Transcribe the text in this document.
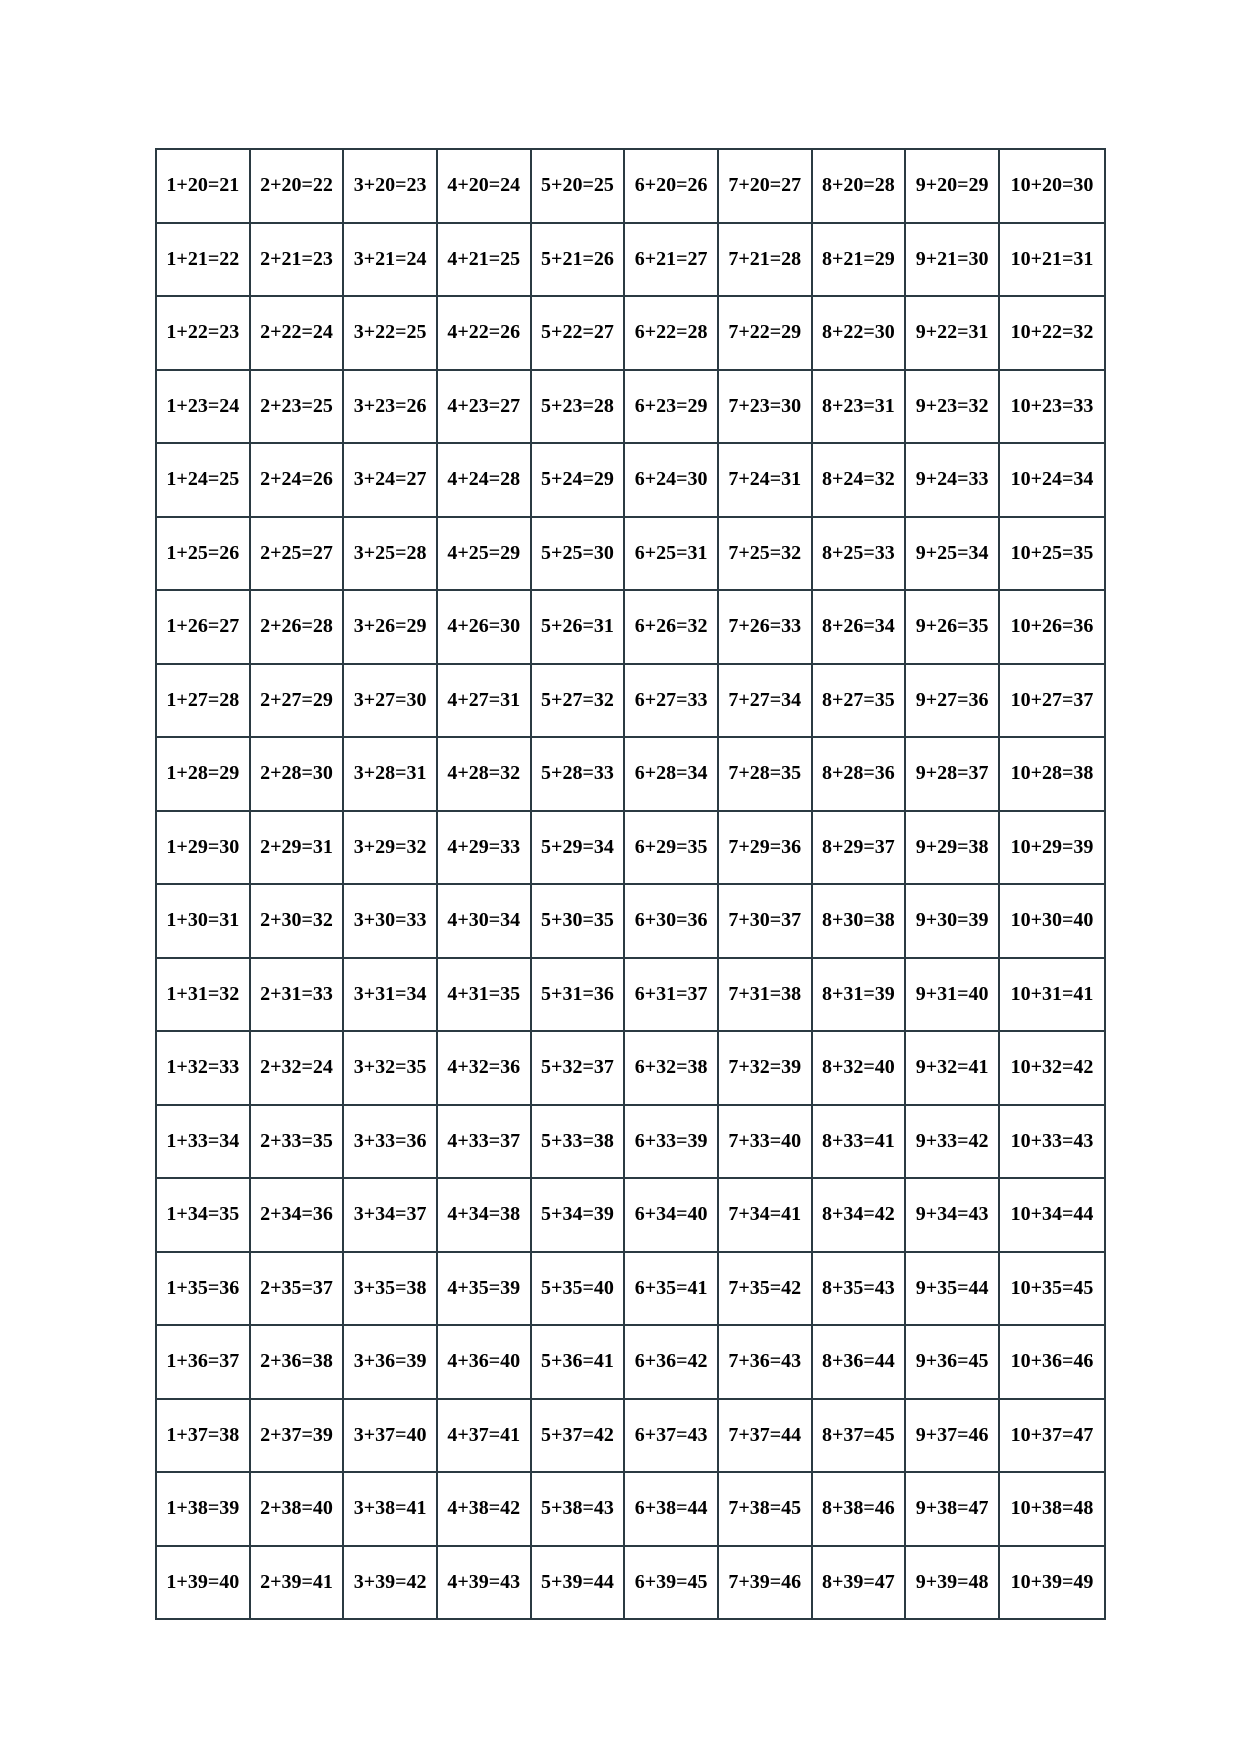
1+20=21	2+20=22	3+20=23	4+20=24	5+20=25	6+20=26	7+20=27	8+20=28	9+20=29	10+20=30
1+21=22	2+21=23	3+21=24	4+21=25	5+21=26	6+21=27	7+21=28	8+21=29	9+21=30	10+21=31
1+22=23	2+22=24	3+22=25	4+22=26	5+22=27	6+22=28	7+22=29	8+22=30	9+22=31	10+22=32
1+23=24	2+23=25	3+23=26	4+23=27	5+23=28	6+23=29	7+23=30	8+23=31	9+23=32	10+23=33
1+24=25	2+24=26	3+24=27	4+24=28	5+24=29	6+24=30	7+24=31	8+24=32	9+24=33	10+24=34
1+25=26	2+25=27	3+25=28	4+25=29	5+25=30	6+25=31	7+25=32	8+25=33	9+25=34	10+25=35
1+26=27	2+26=28	3+26=29	4+26=30	5+26=31	6+26=32	7+26=33	8+26=34	9+26=35	10+26=36
1+27=28	2+27=29	3+27=30	4+27=31	5+27=32	6+27=33	7+27=34	8+27=35	9+27=36	10+27=37
1+28=29	2+28=30	3+28=31	4+28=32	5+28=33	6+28=34	7+28=35	8+28=36	9+28=37	10+28=38
1+29=30	2+29=31	3+29=32	4+29=33	5+29=34	6+29=35	7+29=36	8+29=37	9+29=38	10+29=39
1+30=31	2+30=32	3+30=33	4+30=34	5+30=35	6+30=36	7+30=37	8+30=38	9+30=39	10+30=40
1+31=32	2+31=33	3+31=34	4+31=35	5+31=36	6+31=37	7+31=38	8+31=39	9+31=40	10+31=41
1+32=33	2+32=24	3+32=35	4+32=36	5+32=37	6+32=38	7+32=39	8+32=40	9+32=41	10+32=42
1+33=34	2+33=35	3+33=36	4+33=37	5+33=38	6+33=39	7+33=40	8+33=41	9+33=42	10+33=43
1+34=35	2+34=36	3+34=37	4+34=38	5+34=39	6+34=40	7+34=41	8+34=42	9+34=43	10+34=44
1+35=36	2+35=37	3+35=38	4+35=39	5+35=40	6+35=41	7+35=42	8+35=43	9+35=44	10+35=45
1+36=37	2+36=38	3+36=39	4+36=40	5+36=41	6+36=42	7+36=43	8+36=44	9+36=45	10+36=46
1+37=38	2+37=39	3+37=40	4+37=41	5+37=42	6+37=43	7+37=44	8+37=45	9+37=46	10+37=47
1+38=39	2+38=40	3+38=41	4+38=42	5+38=43	6+38=44	7+38=45	8+38=46	9+38=47	10+38=48
1+39=40	2+39=41	3+39=42	4+39=43	5+39=44	6+39=45	7+39=46	8+39=47	9+39=48	10+39=49
